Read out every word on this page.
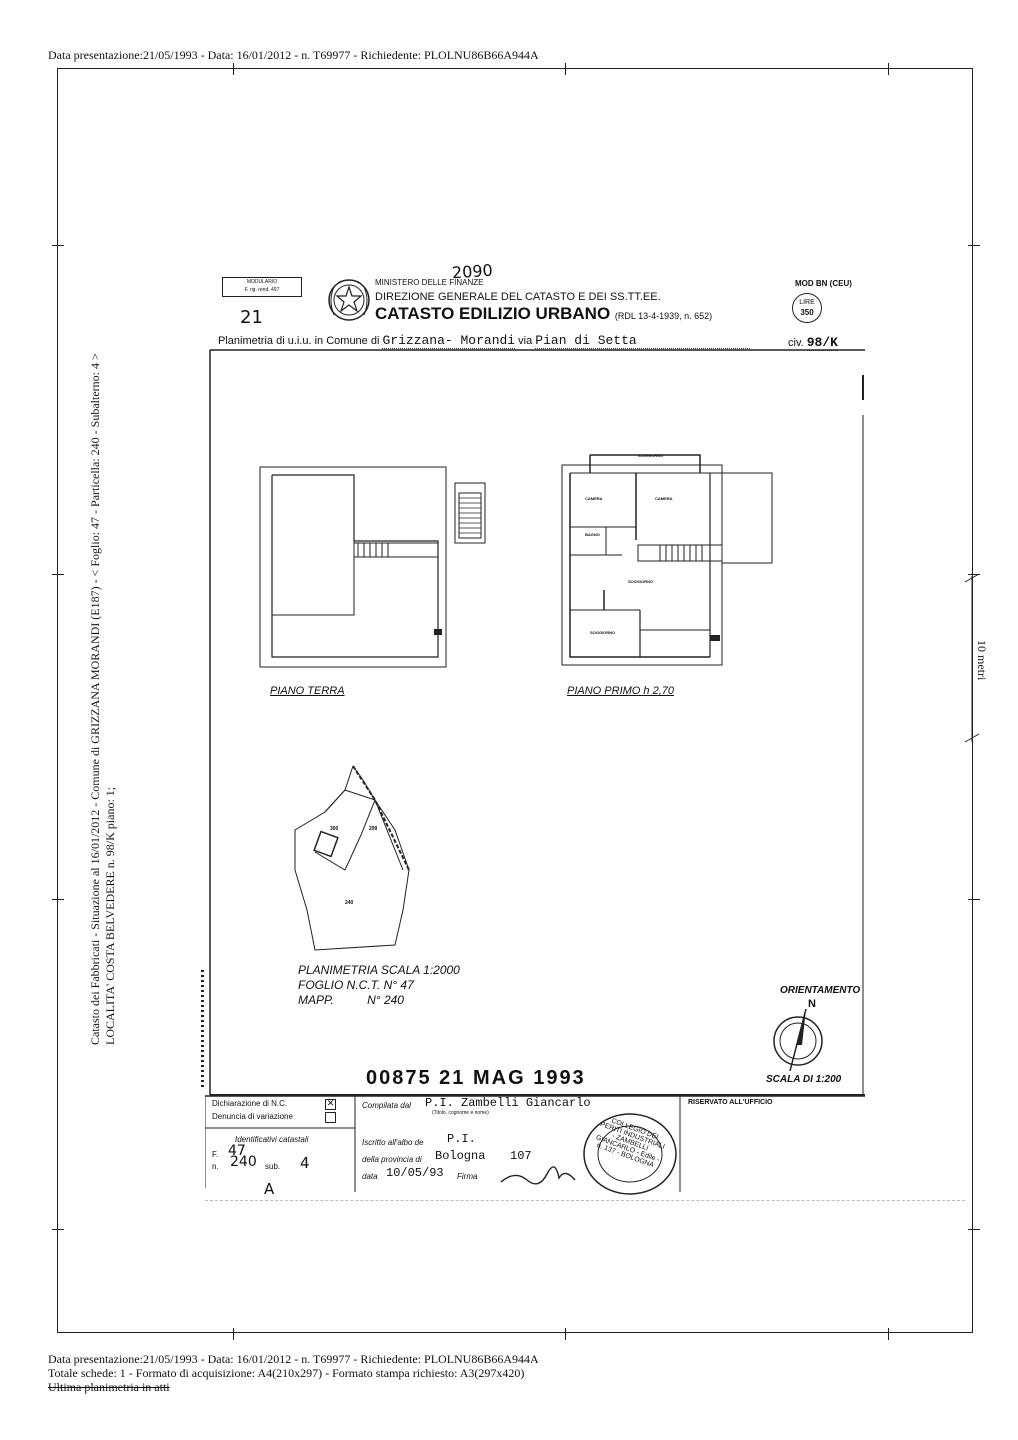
Data presentazione:21/05/1993 - Data: 16/01/2012 - n. T69977 - Richiedente: PLOLNU86B66A944A
Catasto dei Fabbricati - Situazione al 16/01/2012 - Comune di GRIZZANA MORANDI (E187) - < Foglio: 47 - Particella: 240 - Subalterno: 4 > LOCALITA' COSTA BELVEDERE n. 98/K piano: 1;
10 metri
MODULARIO
F. rig. rend. 497
2090
21
MINISTERO DELLE FINANZE
DIREZIONE GENERALE DEL CATASTO E DEI SS.TT.EE.
CATASTO EDILIZIO URBANO (RDL 13-4-1939, n. 652)
MOD BN (CEU)
LIRE
350
Planimetria di u.i.u. in Comune di Grizzana- Morandi via Pian di Setta	civ. 98/K
PIANO TERRA
SOGGIORNO
CAMERA	CAMERA
BAGNO
SOGGIORNO
SOGGIORNO
PIANO PRIMO h 2,70
300	299
240
PLANIMETRIA SCALA 1:2000
FOGLIO N.C.T. N° 47
MAPP.	N° 240
ORIENTAMENTO
N
SCALA DI 1:200
00875 21 MAG 1993
Dichiarazione di N.C.
Denuncia di variazione
✕	Compilata dal P.I. Zambelli Giancarlo
(Titolo, cognome e nome)
RISERVATO ALL'UFFICIO
Identificativi catastali
F. 47
n. 240 sub. 4
Iscritto all'albo de P.I.
della provincia di Bologna 107
data 10/05/93 Firma
A
COLLEGIO DEI PERITI INDUSTRIALI - ZAMBELLI GIANCARLO - Edile - n. 137 - BOLOGNA
Data presentazione:21/05/1993 - Data: 16/01/2012 - n. T69977 - Richiedente: PLOLNU86B66A944A
Totale schede: 1 - Formato di acquisizione: A4(210x297) - Formato stampa richiesto: A3(297x420)
Ultima planimetria in atti
